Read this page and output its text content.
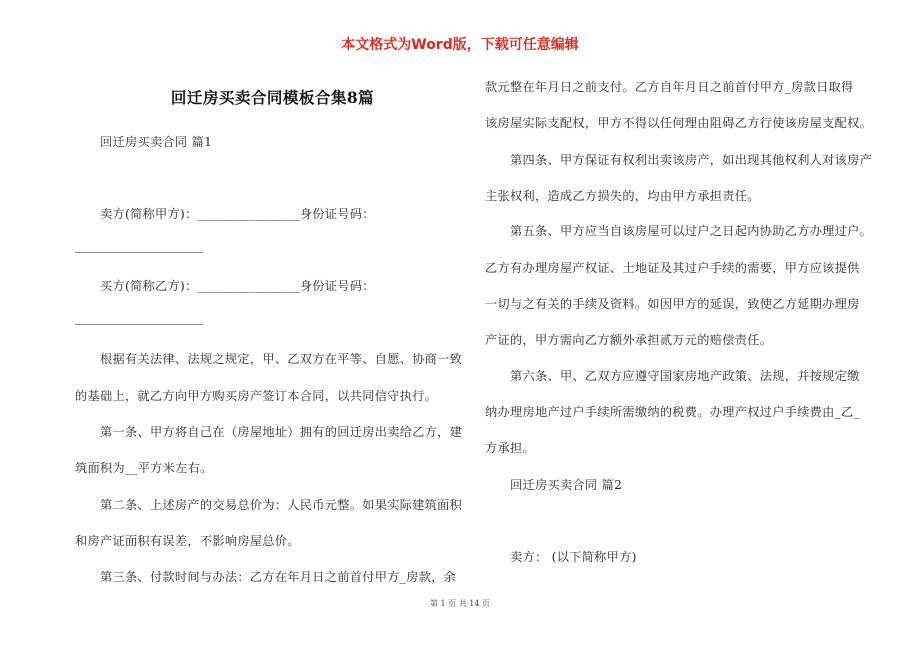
本文格式为Word版，下载可任意编辑
回迁房买卖合同模板合集8篇
回迁房买卖合同 篇1
卖方(简称甲方)：________________身份证号码：
买方(简称乙方)：________________身份证号码：
根据有关法律、法规之规定，甲、乙双方在平等、自愿、协商一致
的基础上，就乙方向甲方购买房产签订本合同，以共同信守执行。
第一条、甲方将自己在（房屋地址）拥有的回迁房出卖给乙方，建
筑面积为__平方米左右。
第二条、上述房产的交易总价为：人民币元整。如果实际建筑面积
和房产证面积有误差，不影响房屋总价。
第三条、付款时间与办法：乙方在年月日之前首付甲方_房款，余
款元整在年月日之前支付。乙方自年月日之前首付甲方_房款日取得
该房屋实际支配权，甲方不得以任何理由阻碍乙方行使该房屋支配权。
第四条、甲方保证有权利出卖该房产，如出现其他权利人对该房产
主张权利，造成乙方损失的，均由甲方承担责任。
第五条、甲方应当自该房屋可以过户之日起内协助乙方办理过户。
乙方有办理房屋产权证、土地证及其过户手续的需要，甲方应该提供
一切与之有关的手续及资料。如因甲方的延误，致使乙方延期办理房
产证的，甲方需向乙方额外承担贰万元的赔偿责任。
第六条、甲、乙双方应遵守国家房地产政策、法规，并按规定缴
纳办理房地产过户手续所需缴纳的税费。办理产权过户手续费由_乙_
方承担。
回迁房买卖合同 篇2
卖方： (以下简称甲方)
第 1 页 共 14 页
